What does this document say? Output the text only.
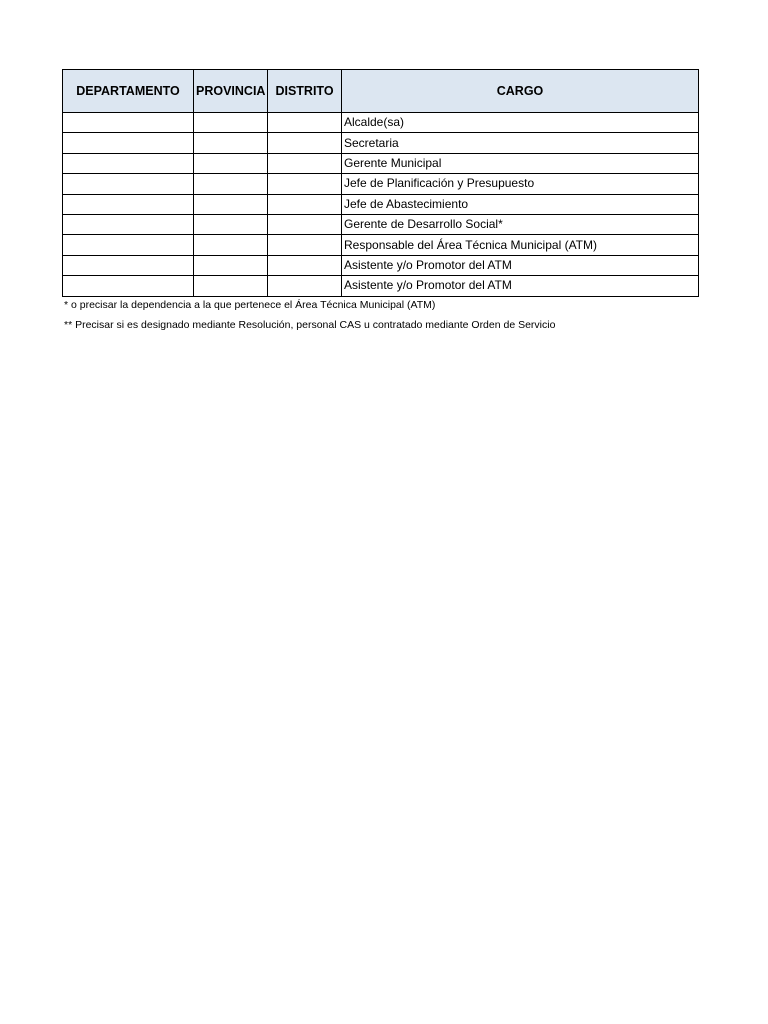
DEPARTAMENTO	PROVINCIA	DISTRITO	CARGO
			Alcalde(sa)
			Secretaria
			Gerente Municipal
			Jefe de Planificación y Presupuesto
			Jefe de Abastecimiento
			Gerente de Desarrollo Social*
			Responsable del Área Técnica Municipal (ATM)
			Asistente y/o Promotor del ATM
			Asistente y/o Promotor del ATM
* o precisar la dependencia a la que pertenece el Área Técnica Municipal (ATM)
** Precisar si es designado mediante Resolución, personal CAS u contratado mediante Orden de Servicio
